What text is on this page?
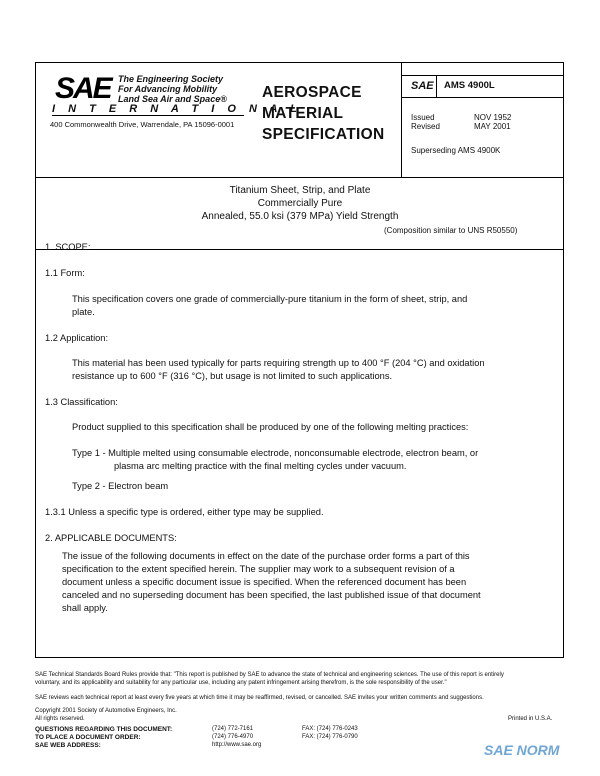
SAE The Engineering Society
For Advancing Mobility
Land Sea Air and Space®
I N T E R N A T I O N A L
400 Commonwealth Drive, Warrendale, PA 15096-0001
AEROSPACE
MATERIAL
SPECIFICATION
SAE AMS 4900L
Issued	NOV 1952
Revised	MAY 2001
Superseding AMS 4900K
Titanium Sheet, Strip, and Plate
Commercially Pure
Annealed, 55.0 ksi (379 MPa) Yield Strength
(Composition similar to UNS R50550)
1. SCOPE:
1.1 Form:
This specification covers one grade of commercially-pure titanium in the form of sheet, strip, and
plate.
1.2 Application:
This material has been used typically for parts requiring strength up to 400 °F (204 °C) and oxidation
resistance up to 600 °F (316 °C), but usage is not limited to such applications.
1.3 Classification:
Product supplied to this specification shall be produced by one of the following melting practices:
Type 1 - Multiple melted using consumable electrode, nonconsumable electrode, electron beam, or
plasma arc melting practice with the final melting cycles under vacuum.
Type 2 - Electron beam
1.3.1 Unless a specific type is ordered, either type may be supplied.
2. APPLICABLE DOCUMENTS:
The issue of the following documents in effect on the date of the purchase order forms a part of this
specification to the extent specified herein. The supplier may work to a subsequent revision of a
document unless a specific document issue is specified. When the referenced document has been
canceled and no superseding document has been specified, the last published issue of that document
shall apply.
SAE Technical Standards Board Rules provide that: "This report is published by SAE to advance the state of technical and engineering sciences. The use of this report is entirely
voluntary, and its applicability and suitability for any particular use, including any patent infringement arising therefrom, is the sole responsibility of the user."
SAE reviews each technical report at least every five years at which time it may be reaffirmed, revised, or cancelled. SAE invites your written comments and suggestions.
Copyright 2001 Society of Automotive Engineers, Inc.
All rights reserved.	Printed in U.S.A.
QUESTIONS REGARDING THIS DOCUMENT:	(724) 772-7161	FAX: (724) 776-0243
TO PLACE A DOCUMENT ORDER:	(724) 776-4970	FAX: (724) 776-0790
SAE WEB ADDRESS:	http://www.sae.org	SAE NORM
